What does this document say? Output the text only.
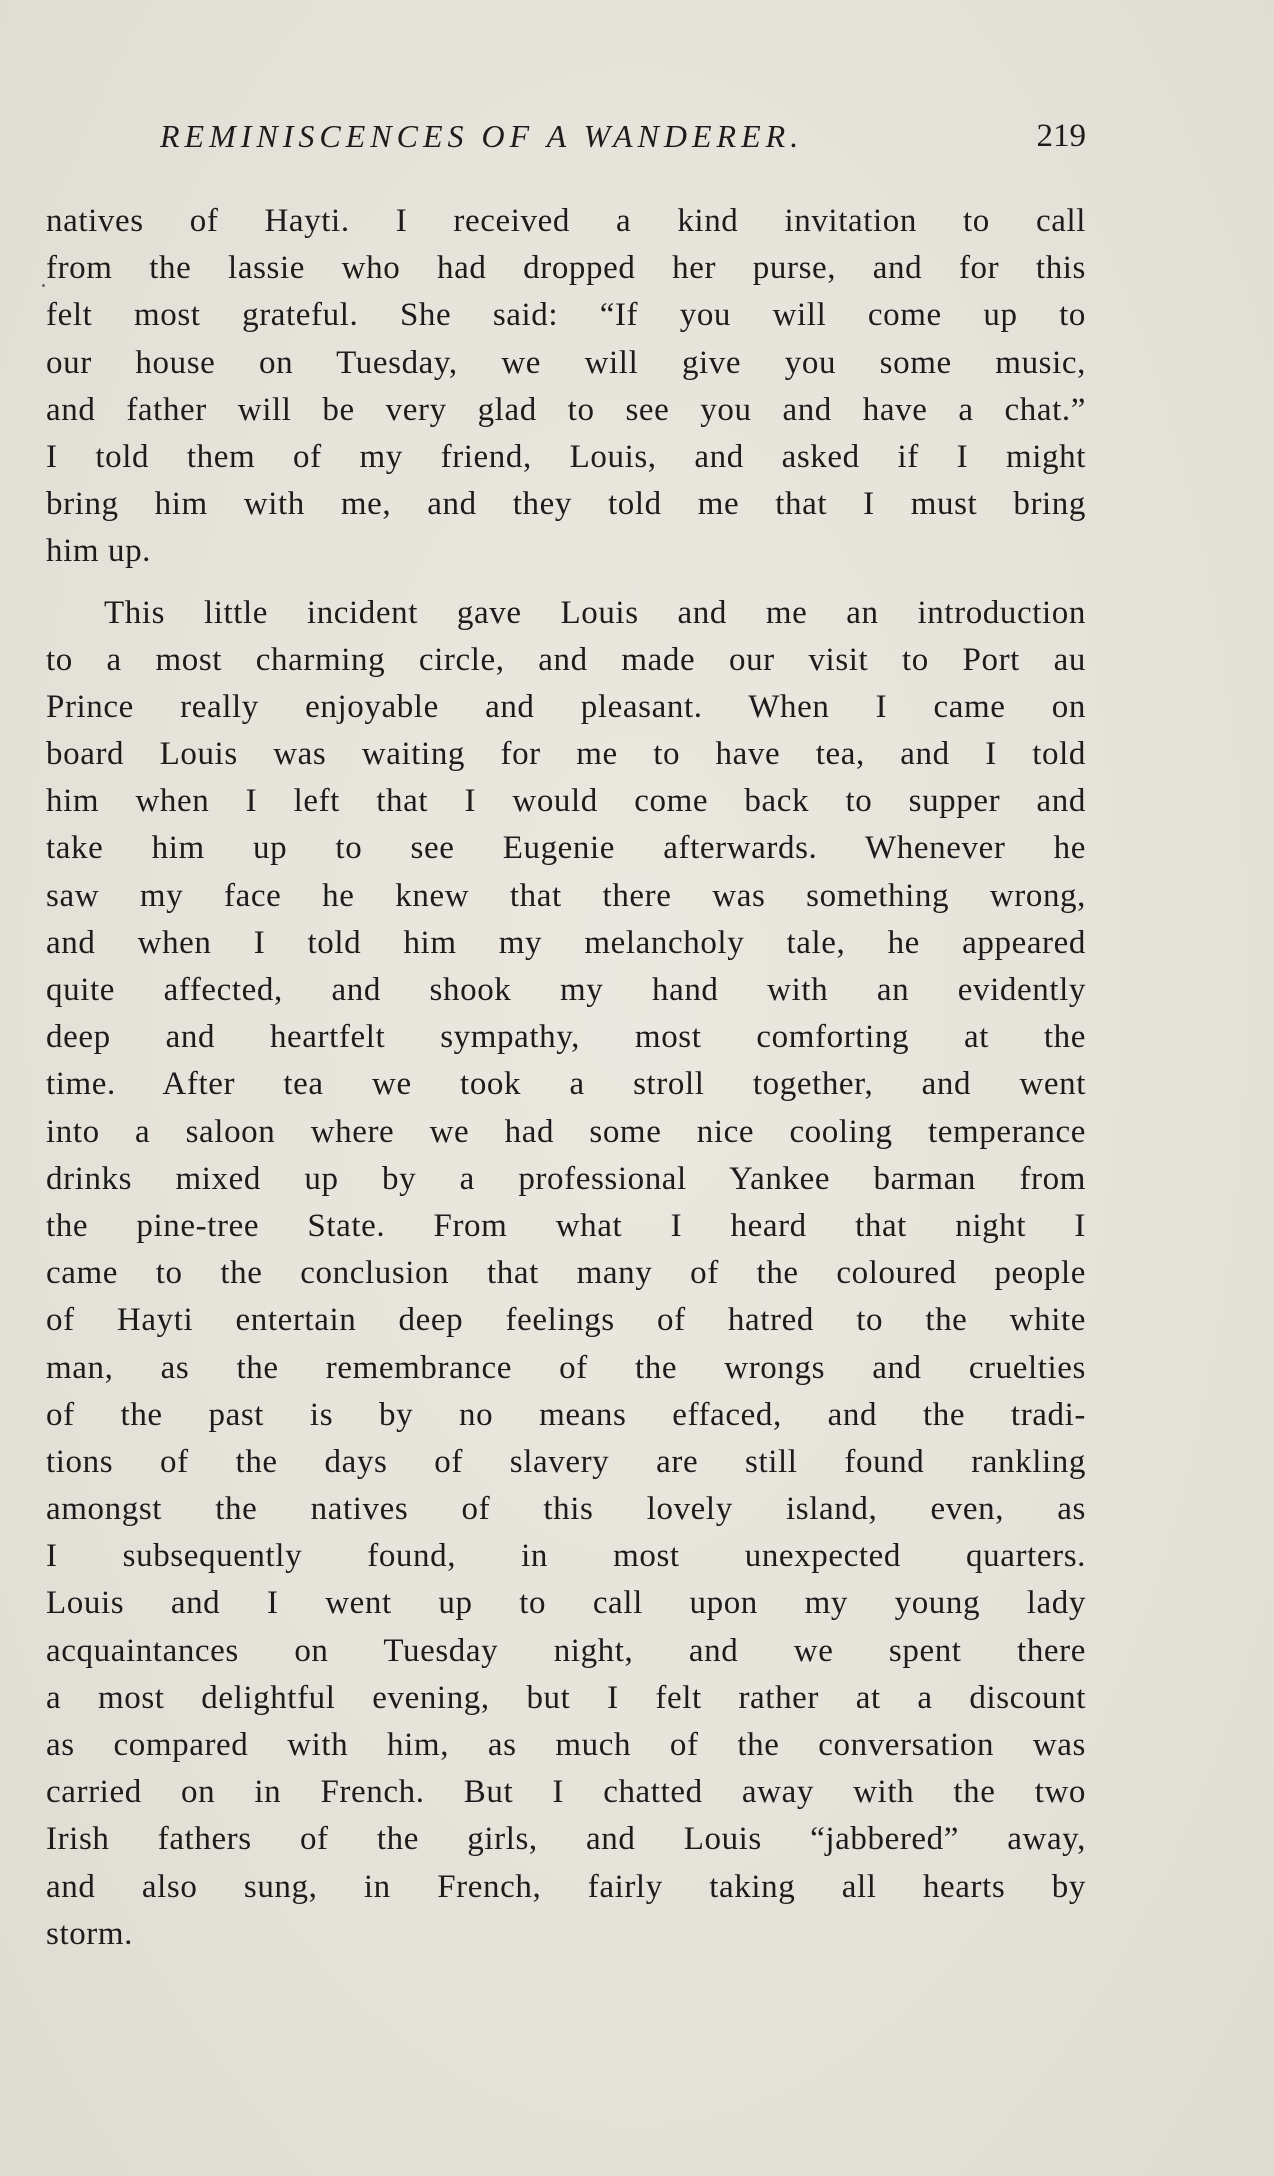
REMINISCENCES OF A WANDERER.	219
natives of Hayti. I received a kind invitation to call
from the lassie who had dropped her purse, and for this
felt most grateful. She said: “If you will come up to
our house on Tuesday, we will give you some music,
and father will be very glad to see you and have a chat.”
I told them of my friend, Louis, and asked if I might
bring him with me, and they told me that I must bring
him up.
This little incident gave Louis and me an introduction
to a most charming circle, and made our visit to Port au
Prince really enjoyable and pleasant. When I came on
board Louis was waiting for me to have tea, and I told
him when I left that I would come back to supper and
take him up to see Eugenie afterwards. Whenever he
saw my face he knew that there was something wrong,
and when I told him my melancholy tale, he appeared
quite affected, and shook my hand with an evidently
deep and heartfelt sympathy, most comforting at the
time. After tea we took a stroll together, and went
into a saloon where we had some nice cooling temperance
drinks mixed up by a professional Yankee barman from
the pine-tree State. From what I heard that night I
came to the conclusion that many of the coloured people
of Hayti entertain deep feelings of hatred to the white
man, as the remembrance of the wrongs and cruelties
of the past is by no means effaced, and the tradi-
tions of the days of slavery are still found rankling
amongst the natives of this lovely island, even, as
I subsequently found, in most unexpected quarters.
Louis and I went up to call upon my young lady
acquaintances on Tuesday night, and we spent there
a most delightful evening, but I felt rather at a discount
as compared with him, as much of the conversation was
carried on in French. But I chatted away with the two
Irish fathers of the girls, and Louis “jabbered” away,
and also sung, in French, fairly taking all hearts by
storm.
